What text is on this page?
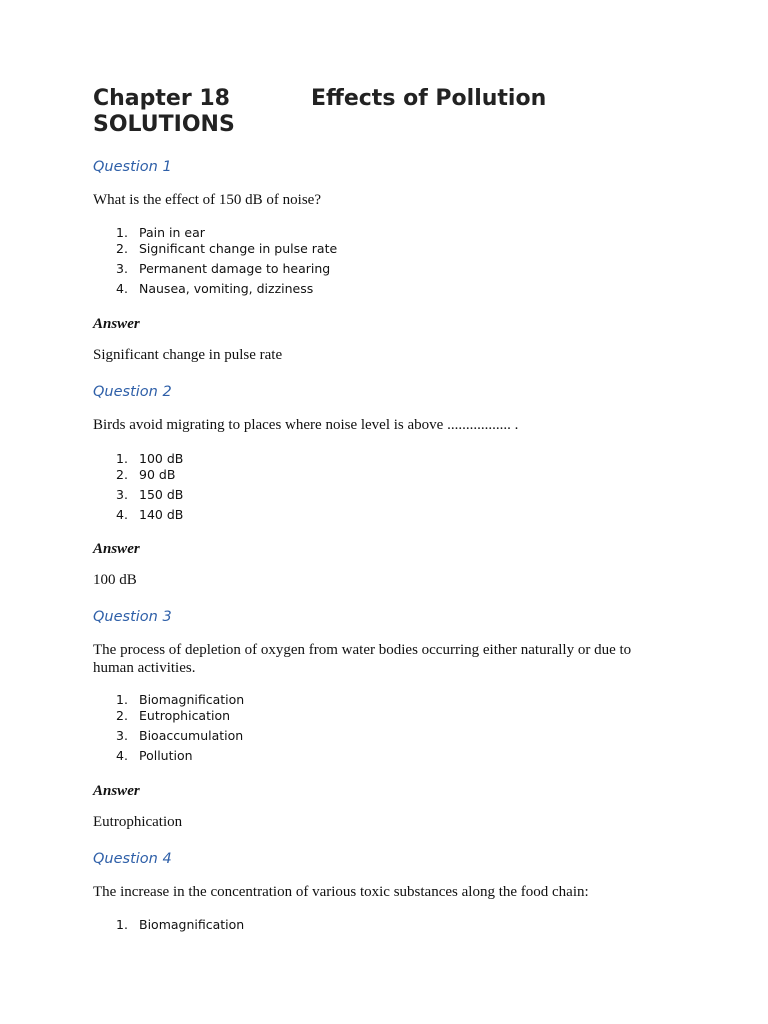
Chapter 18	Effects of Pollution
SOLUTIONS

Question 1

What is the effect of 150 dB of noise?

1. Pain in ear
2. Significant change in pulse rate
3. Permanent damage to hearing
4. Nausea, vomiting, dizziness

Answer

Significant change in pulse rate

Question 2

Birds avoid migrating to places where noise level is above ................. .

1. 100 dB
2. 90 dB
3. 150 dB
4. 140 dB

Answer

100 dB

Question 3

The process of depletion of oxygen from water bodies occurring either naturally or due to human activities.

1. Biomagnification
2. Eutrophication
3. Bioaccumulation
4. Pollution

Answer

Eutrophication

Question 4

The increase in the concentration of various toxic substances along the food chain:

1. Biomagnification
